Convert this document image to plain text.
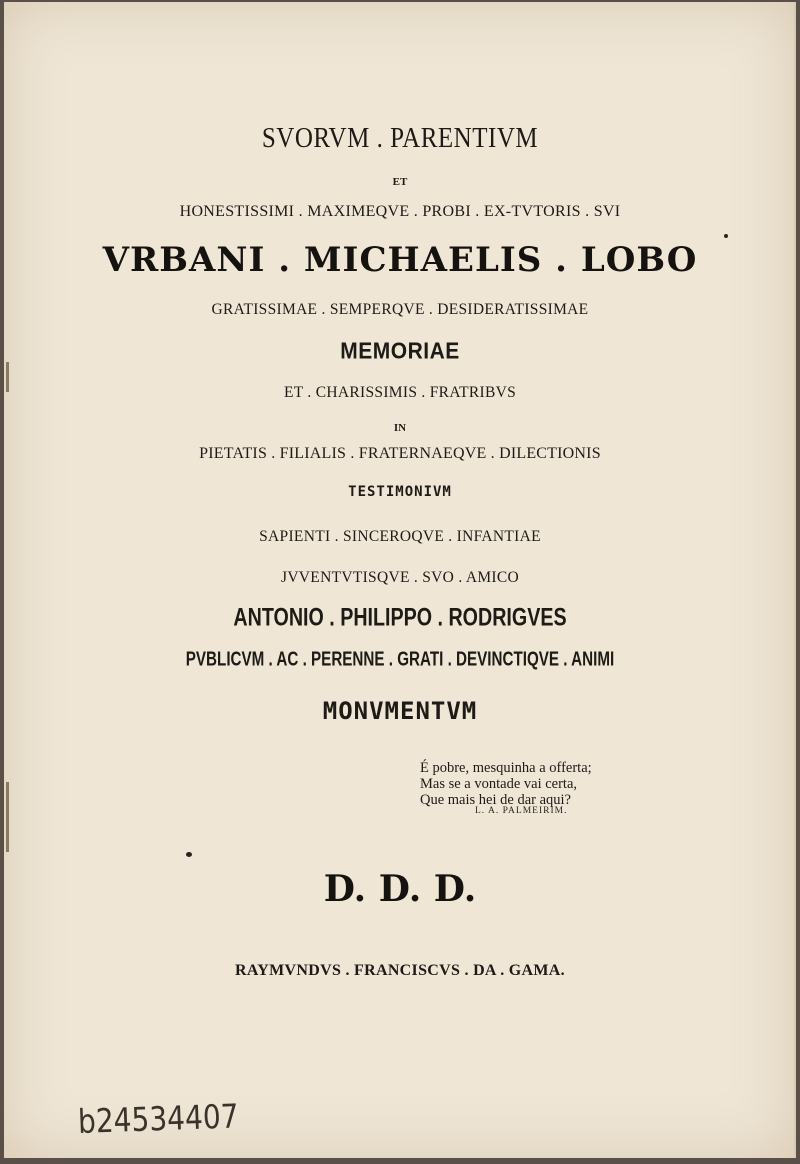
SVORVM . PARENTIVM
ET
HONESTISSIMI . MAXIMEQVE . PROBI . EX-TVTORIS . SVI
VRBANI . MICHAELIS . LOBO
GRATISSIMAE . SEMPERQVE . DESIDERATISSIMAE
MEMORIAE
ET . CHARISSIMIS . FRATRIBVS
IN
PIETATIS . FILIALIS . FRATERNAEQVE . DILECTIONIS
TESTIMONIVM
SAPIENTI . SINCEROQVE . INFANTIAE
JVVENTVTISQVE . SVO . AMICO
ANTONIO . PHILIPPO . RODRIGVES
PVBLICVM . AC . PERENNE . GRATI . DEVINCTIQVE . ANIMI
MONVMENTVM
É pobre, mesquinha a offerta;
Mas se a vontade vai certa,
Que mais hei de dar aqui?
L. A. PALMEIRIM.
D. D. D.
RAYMVNDVS . FRANCISCVS . DA . GAMA.
b24534407
